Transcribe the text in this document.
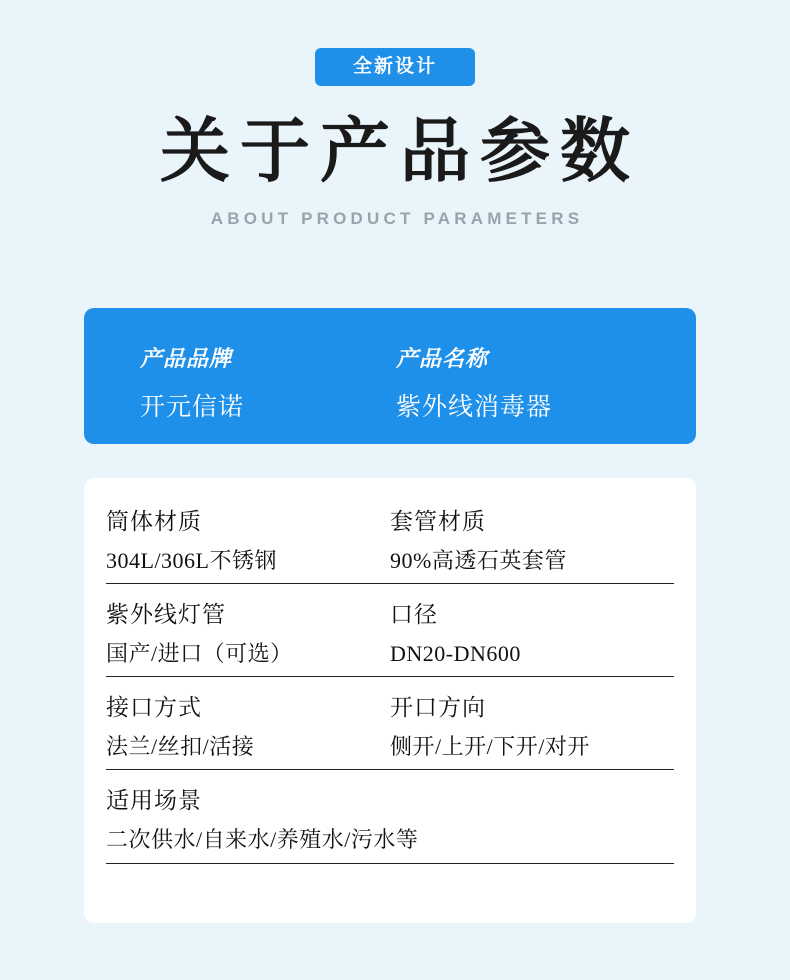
全新设计
关于产品参数
ABOUT PRODUCT PARAMETERS
产品品牌
开元信诺
产品名称
紫外线消毒器
筒体材质
304L/306L不锈钢
套管材质
90%高透石英套管
紫外线灯管
国产/进口（可选）
口径
DN20-DN600
接口方式
法兰/丝扣/活接
开口方向
侧开/上开/下开/对开
适用场景
二次供水/自来水/养殖水/污水等
